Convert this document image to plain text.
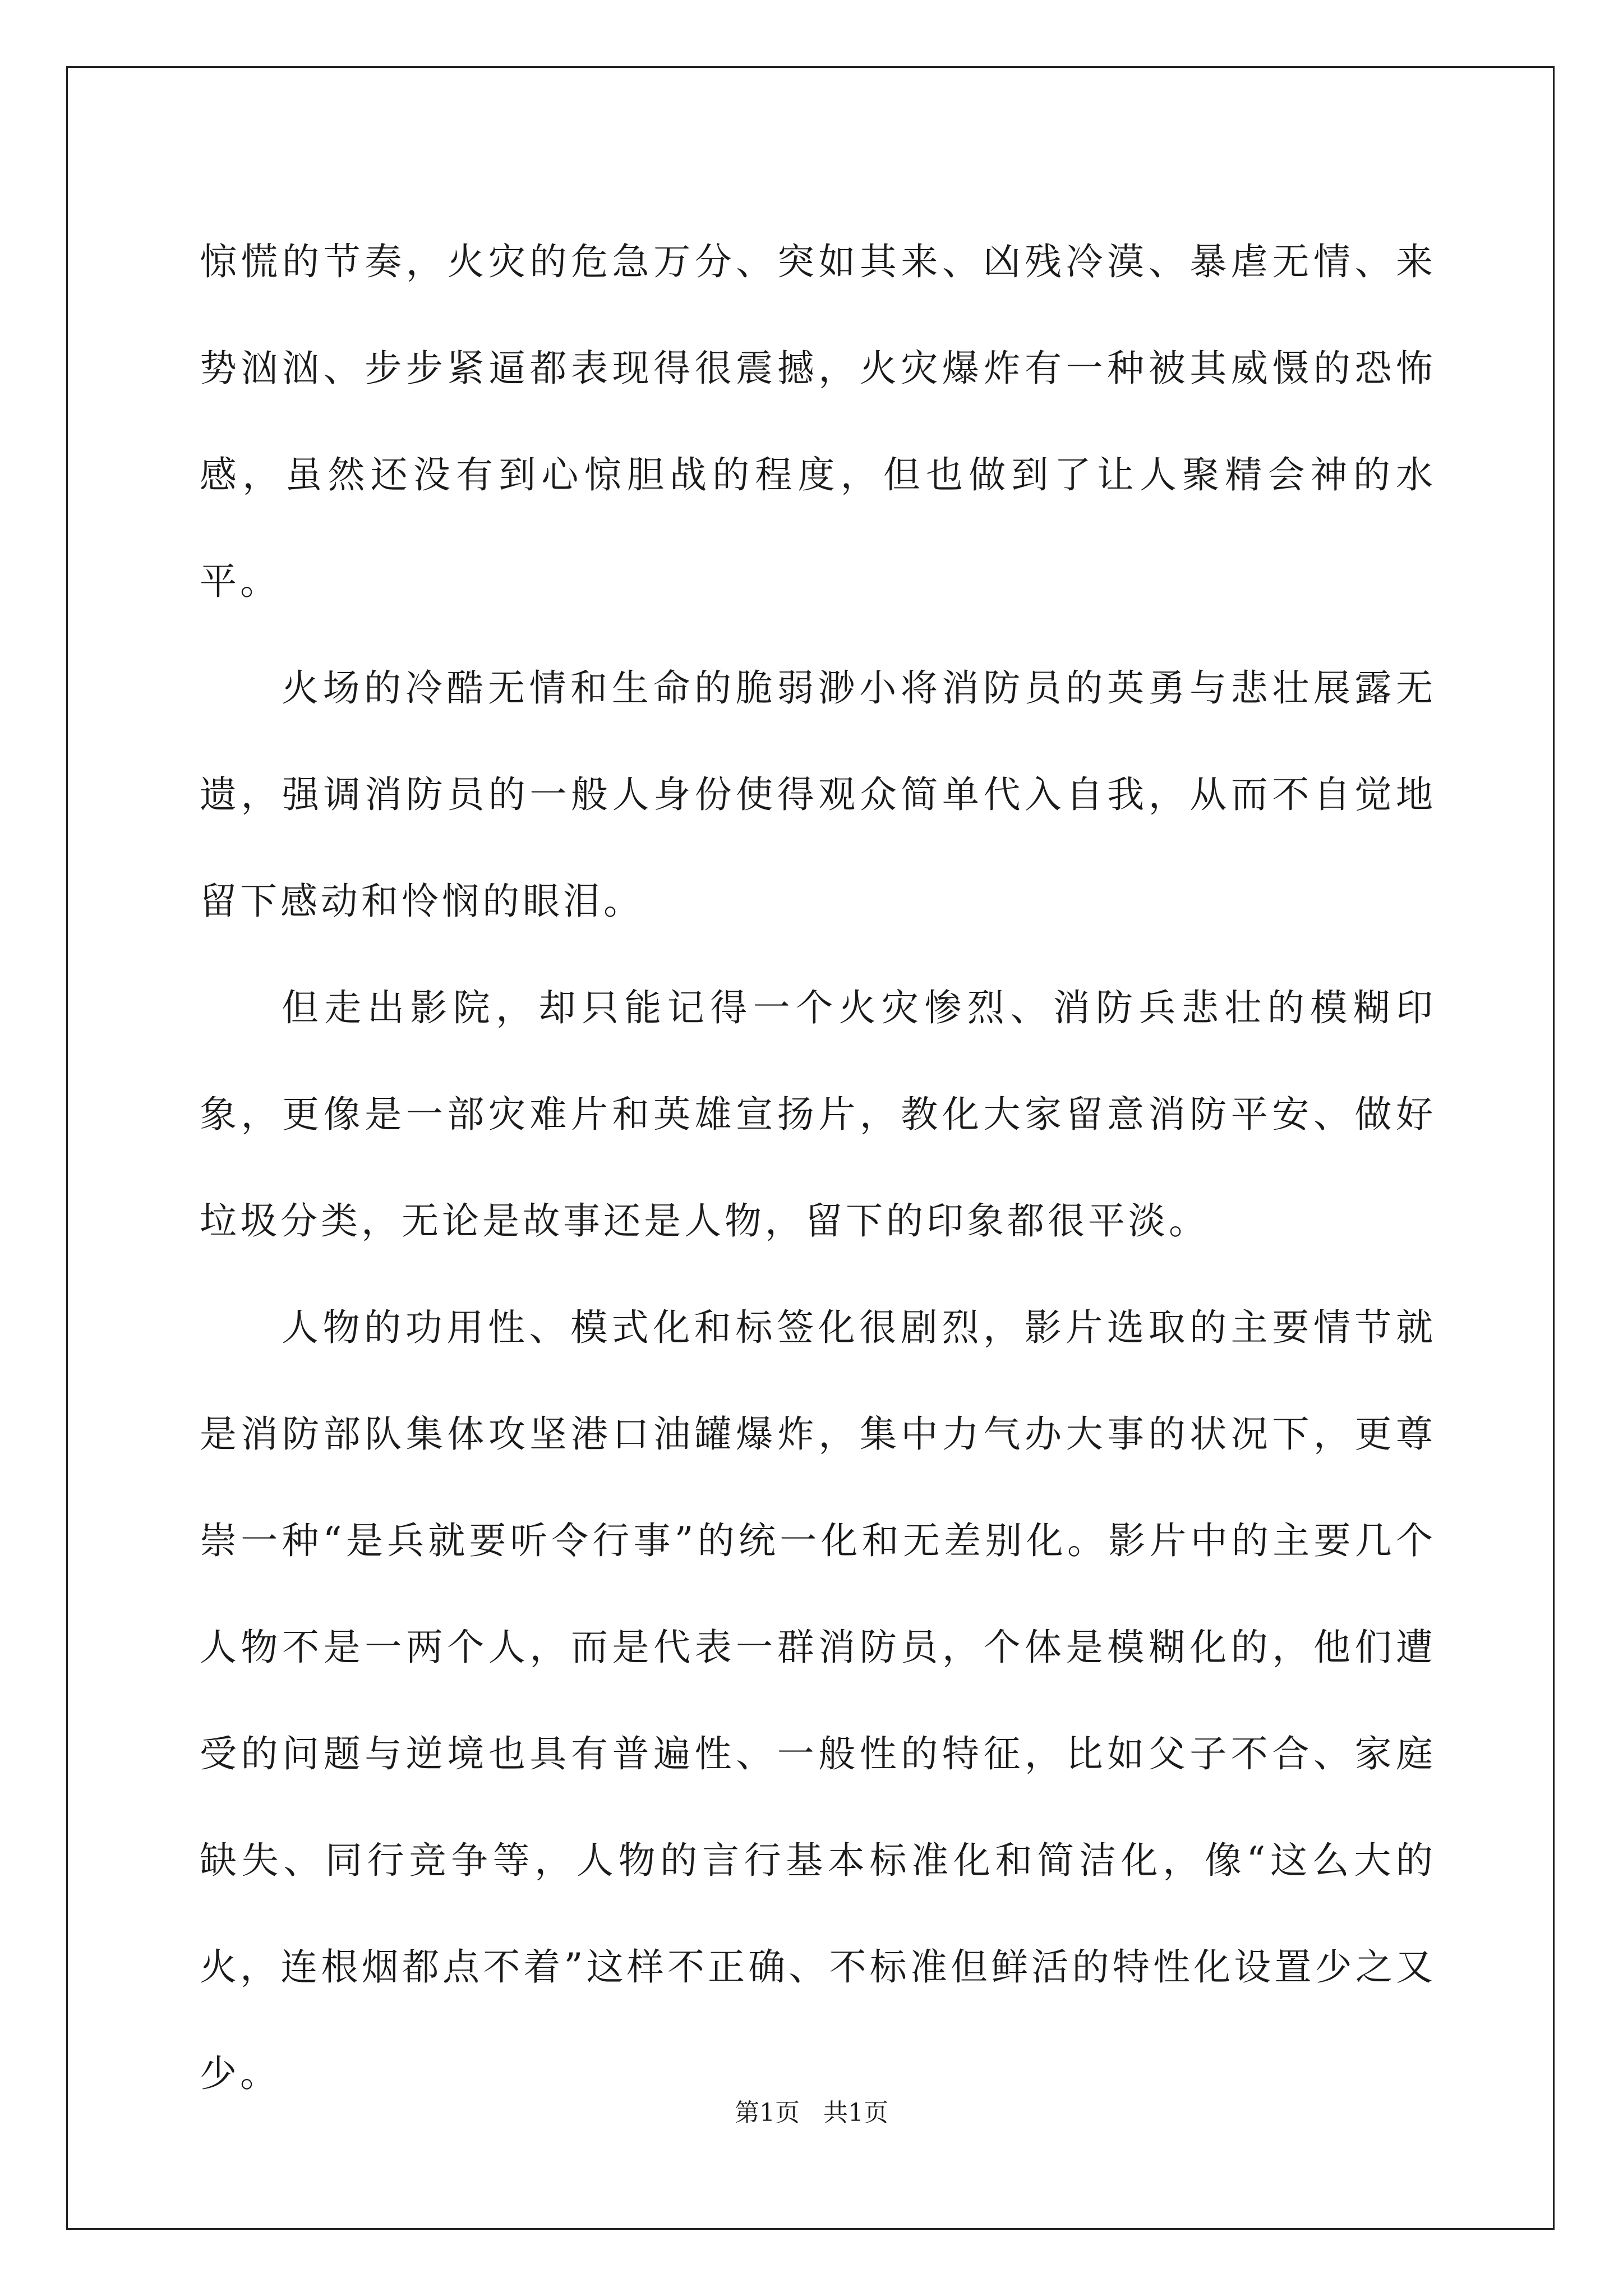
惊慌的节奏，火灾的危急万分、突如其来、凶残冷漠、暴虐无情、来势汹汹、步步紧逼都表现得很震撼，火灾爆炸有一种被其威慑的恐怖感，虽然还没有到心惊胆战的程度，但也做到了让人聚精会神的水平。

火场的冷酷无情和生命的脆弱渺小将消防员的英勇与悲壮展露无遗，强调消防员的一般人身份使得观众简单代入自我，从而不自觉地留下感动和怜悯的眼泪。

但走出影院，却只能记得一个火灾惨烈、消防兵悲壮的模糊印象，更像是一部灾难片和英雄宣扬片，教化大家留意消防平安、做好垃圾分类，无论是故事还是人物，留下的印象都很平淡。

人物的功用性、模式化和标签化很剧烈，影片选取的主要情节就是消防部队集体攻坚港口油罐爆炸，集中力气办大事的状况下，更尊崇一种“是兵就要听令行事”的统一化和无差别化。影片中的主要几个人物不是一两个人，而是代表一群消防员，个体是模糊化的，他们遭受的问题与逆境也具有普遍性、一般性的特征，比如父子不合、家庭缺失、同行竞争等，人物的言行基本标准化和简洁化，像“这么大的火，连根烟都点不着”这样不正确、不标准但鲜活的特性化设置少之又少。

第1页 共1页
